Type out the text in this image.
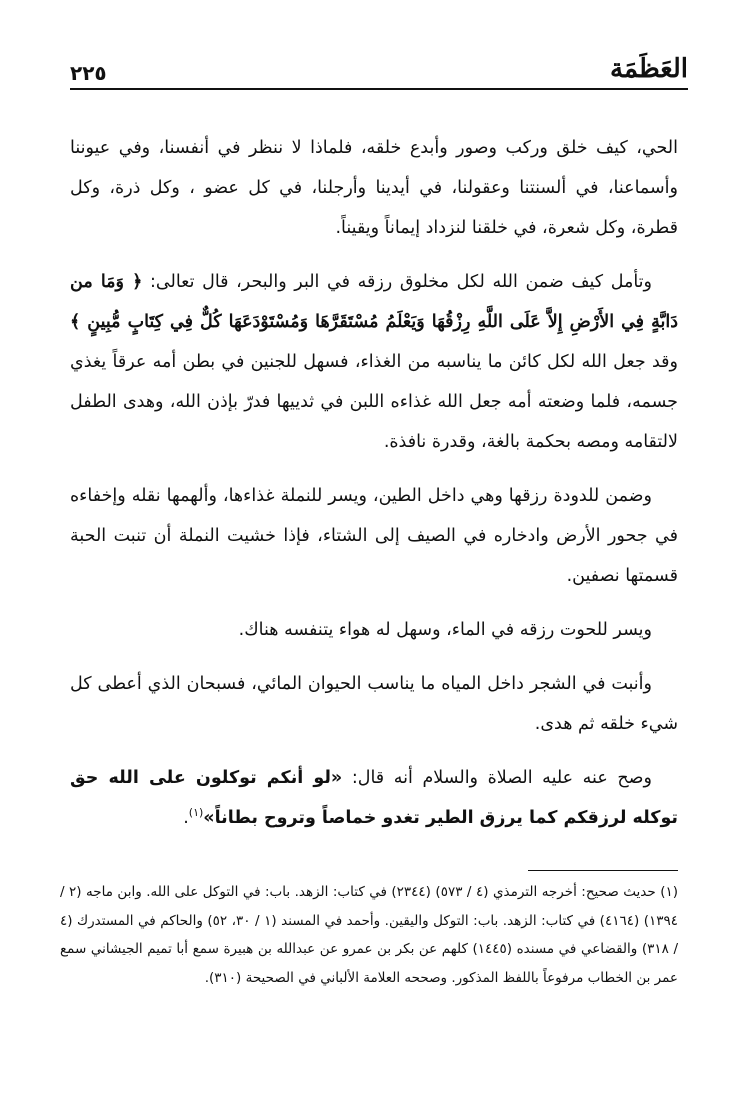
العَظَمَة
٢٢٥

الحي، كيف خلق وركب وصور وأبدع خلقه، فلماذا لا ننظر في أنفسنا، وفي عيوننا وأسماعنا، في ألسنتنا وعقولنا، في أيدينا وأرجلنا، في كل عضو ، وكل ذرة، وكل قطرة، وكل شعرة، في خلقنا لنزداد إيماناً ويقيناً.

وتأمل كيف ضمن الله لكل مخلوق رزقه في البر والبحر، قال تعالى: ﴿ وَمَا من دَابَّةٍ فِي الأَرْضِ إِلاَّ عَلَى اللَّهِ رِزْقُهَا وَيَعْلَمُ مُسْتَقَرَّهَا وَمُسْتَوْدَعَهَا كُلٌّ فِي كِتَابٍ مُّبِينٍ ﴾ وقد جعل الله لكل كائن ما يناسبه من الغذاء، فسهل للجنين في بطن أمه عرقاً يغذي جسمه، فلما وضعته أمه جعل الله غذاءه اللبن في ثدييها فدرّ بإذن الله، وهدى الطفل لالتقامه ومصه بحكمة بالغة، وقدرة نافذة.

وضمن للدودة رزقها وهي داخل الطين، ويسر للنملة غذاءها، وألهمها نقله وإخفاءه في جحور الأرض وادخاره في الصيف إلى الشتاء، فإذا خشيت النملة أن تنبت الحبة قسمتها نصفين.

ويسر للحوت رزقه في الماء، وسهل له هواء يتنفسه هناك.

وأنبت في الشجر داخل المياه ما يناسب الحيوان المائي، فسبحان الذي أعطى كل شيء خلقه ثم هدى.

وصح عنه عليه الصلاة والسلام أنه قال: «لو أنكم توكلون على الله حق توكله لرزقكم كما يرزق الطير تغدو خماصاً وتروح بطاناً»$^{(١)}$.

(١) حديث صحيح: أخرجه الترمذي (٤ / ٥٧٣) (٢٣٤٤) في كتاب: الزهد. باب: في التوكل على الله. وابن ماجه (٢ / ١٣٩٤) (٤١٦٤) في كتاب: الزهد. باب: التوكل واليقين. وأحمد في المسند (١ / ٣٠، ٥٢) والحاكم في المستدرك (٤ / ٣١٨) والقضاعي في مسنده (١٤٤٥) كلهم عن بكر بن عمرو عن عبدالله بن هبيرة سمع أبا تميم الجيشاني سمع عمر بن الخطاب مرفوعاً باللفظ المذكور. وصححه العلامة الألباني في الصحيحة (٣١٠).
